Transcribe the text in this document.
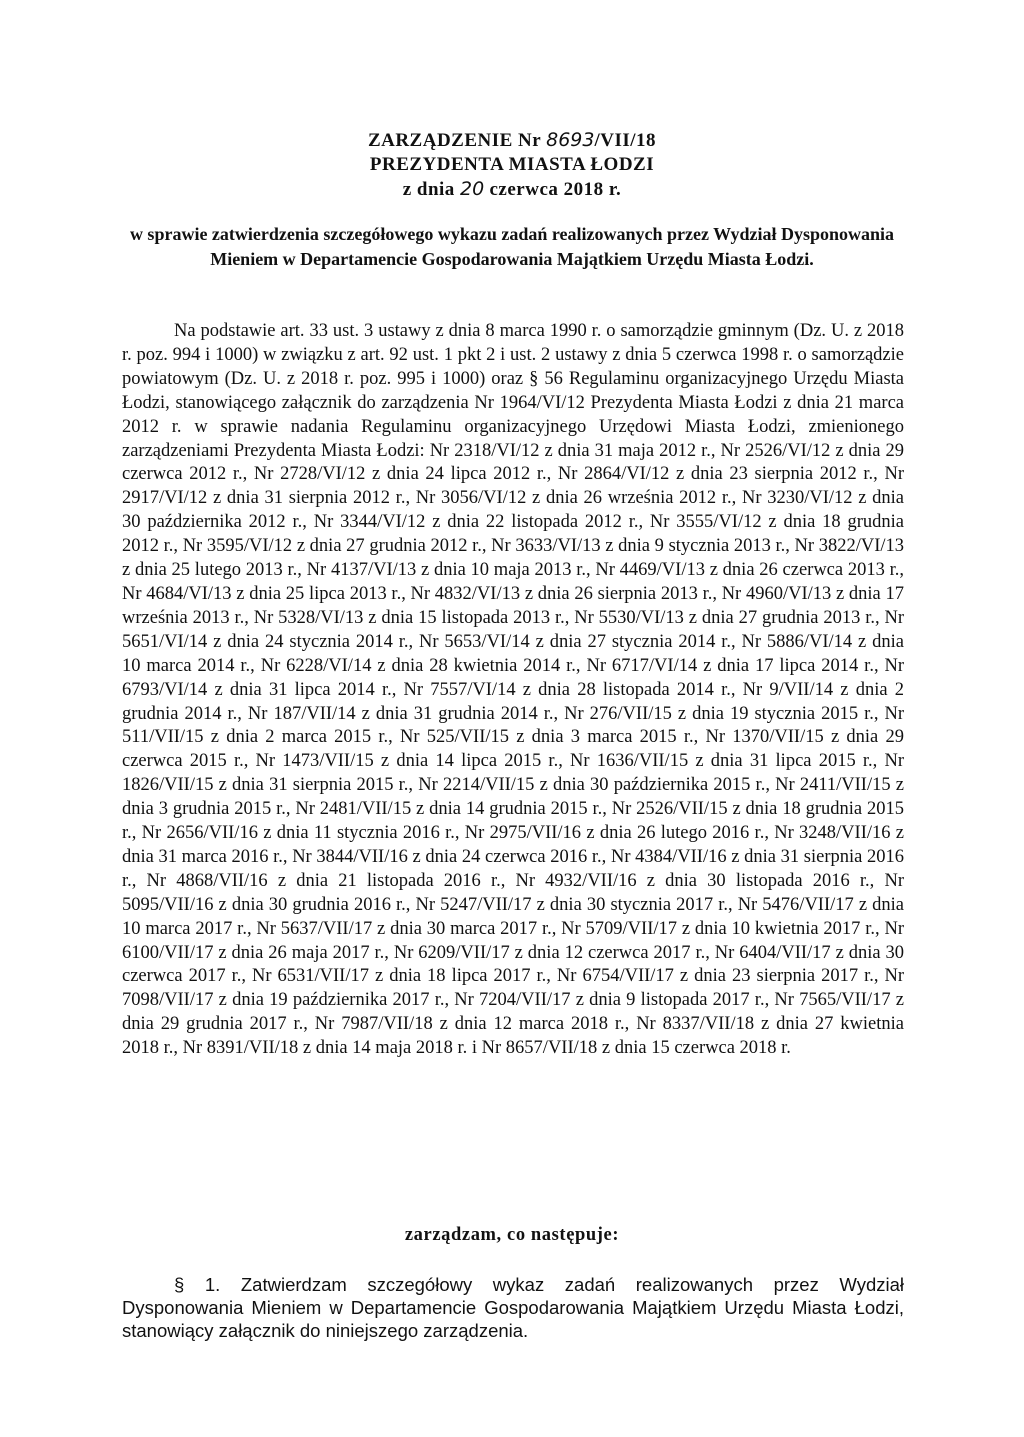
ZARZĄDZENIE Nr 8693/VII/18
PREZYDENTA MIASTA ŁODZI
z dnia 20 czerwca 2018 r.
w sprawie zatwierdzenia szczegółowego wykazu zadań realizowanych przez Wydział Dysponowania Mieniem w Departamencie Gospodarowania Majątkiem Urzędu Miasta Łodzi.
Na podstawie art. 33 ust. 3 ustawy z dnia 8 marca 1990 r. o samorządzie gminnym (Dz. U. z 2018 r. poz. 994 i 1000) w związku z art. 92 ust. 1 pkt 2 i ust. 2 ustawy z dnia 5 czerwca 1998 r. o samorządzie powiatowym (Dz. U. z 2018 r. poz. 995 i 1000) oraz § 56 Regulaminu organizacyjnego Urzędu Miasta Łodzi, stanowiącego załącznik do zarządzenia Nr 1964/VI/12 Prezydenta Miasta Łodzi z dnia 21 marca 2012 r. w sprawie nadania Regulaminu organizacyjnego Urzędowi Miasta Łodzi, zmienionego zarządzeniami Prezydenta Miasta Łodzi: Nr 2318/VI/12 z dnia 31 maja 2012 r., Nr 2526/VI/12 z dnia 29 czerwca 2012 r., Nr 2728/VI/12 z dnia 24 lipca 2012 r., Nr 2864/VI/12 z dnia 23 sierpnia 2012 r., Nr 2917/VI/12 z dnia 31 sierpnia 2012 r., Nr 3056/VI/12 z dnia 26 września 2012 r., Nr 3230/VI/12 z dnia 30 października 2012 r., Nr 3344/VI/12 z dnia 22 listopada 2012 r., Nr 3555/VI/12 z dnia 18 grudnia 2012 r., Nr 3595/VI/12 z dnia 27 grudnia 2012 r., Nr 3633/VI/13 z dnia 9 stycznia 2013 r., Nr 3822/VI/13 z dnia 25 lutego 2013 r., Nr 4137/VI/13 z dnia 10 maja 2013 r., Nr 4469/VI/13 z dnia 26 czerwca 2013 r., Nr 4684/VI/13 z dnia 25 lipca 2013 r., Nr 4832/VI/13 z dnia 26 sierpnia 2013 r., Nr 4960/VI/13 z dnia 17 września 2013 r., Nr 5328/VI/13 z dnia 15 listopada 2013 r., Nr 5530/VI/13 z dnia 27 grudnia 2013 r., Nr 5651/VI/14 z dnia 24 stycznia 2014 r., Nr 5653/VI/14 z dnia 27 stycznia 2014 r., Nr 5886/VI/14 z dnia 10 marca 2014 r., Nr 6228/VI/14 z dnia 28 kwietnia 2014 r., Nr 6717/VI/14 z dnia 17 lipca 2014 r., Nr 6793/VI/14 z dnia 31 lipca 2014 r., Nr 7557/VI/14 z dnia 28 listopada 2014 r., Nr 9/VII/14 z dnia 2 grudnia 2014 r., Nr 187/VII/14 z dnia 31 grudnia 2014 r., Nr 276/VII/15 z dnia 19 stycznia 2015 r., Nr 511/VII/15 z dnia 2 marca 2015 r., Nr 525/VII/15 z dnia 3 marca 2015 r., Nr 1370/VII/15 z dnia 29 czerwca 2015 r., Nr 1473/VII/15 z dnia 14 lipca 2015 r., Nr 1636/VII/15 z dnia 31 lipca 2015 r., Nr 1826/VII/15 z dnia 31 sierpnia 2015 r., Nr 2214/VII/15 z dnia 30 października 2015 r., Nr 2411/VII/15 z dnia 3 grudnia 2015 r., Nr 2481/VII/15 z dnia 14 grudnia 2015 r., Nr 2526/VII/15 z dnia 18 grudnia 2015 r., Nr 2656/VII/16 z dnia 11 stycznia 2016 r., Nr 2975/VII/16 z dnia 26 lutego 2016 r., Nr 3248/VII/16 z dnia 31 marca 2016 r., Nr 3844/VII/16 z dnia 24 czerwca 2016 r., Nr 4384/VII/16 z dnia 31 sierpnia 2016 r., Nr 4868/VII/16 z dnia 21 listopada 2016 r., Nr 4932/VII/16 z dnia 30 listopada 2016 r., Nr 5095/VII/16 z dnia 30 grudnia 2016 r., Nr 5247/VII/17 z dnia 30 stycznia 2017 r., Nr 5476/VII/17 z dnia 10 marca 2017 r., Nr 5637/VII/17 z dnia 30 marca 2017 r., Nr 5709/VII/17 z dnia 10 kwietnia 2017 r., Nr 6100/VII/17 z dnia 26 maja 2017 r., Nr 6209/VII/17 z dnia 12 czerwca 2017 r., Nr 6404/VII/17 z dnia 30 czerwca 2017 r., Nr 6531/VII/17 z dnia 18 lipca 2017 r., Nr 6754/VII/17 z dnia 23 sierpnia 2017 r., Nr 7098/VII/17 z dnia 19 października 2017 r., Nr 7204/VII/17 z dnia 9 listopada 2017 r., Nr 7565/VII/17 z dnia 29 grudnia 2017 r., Nr 7987/VII/18 z dnia 12 marca 2018 r., Nr 8337/VII/18 z dnia 27 kwietnia 2018 r., Nr 8391/VII/18 z dnia 14 maja 2018 r. i Nr 8657/VII/18 z dnia 15 czerwca 2018 r.
zarządzam, co następuje:
§ 1. Zatwierdzam szczegółowy wykaz zadań realizowanych przez Wydział Dysponowania Mieniem w Departamencie Gospodarowania Majątkiem Urzędu Miasta Łodzi, stanowiący załącznik do niniejszego zarządzenia.
